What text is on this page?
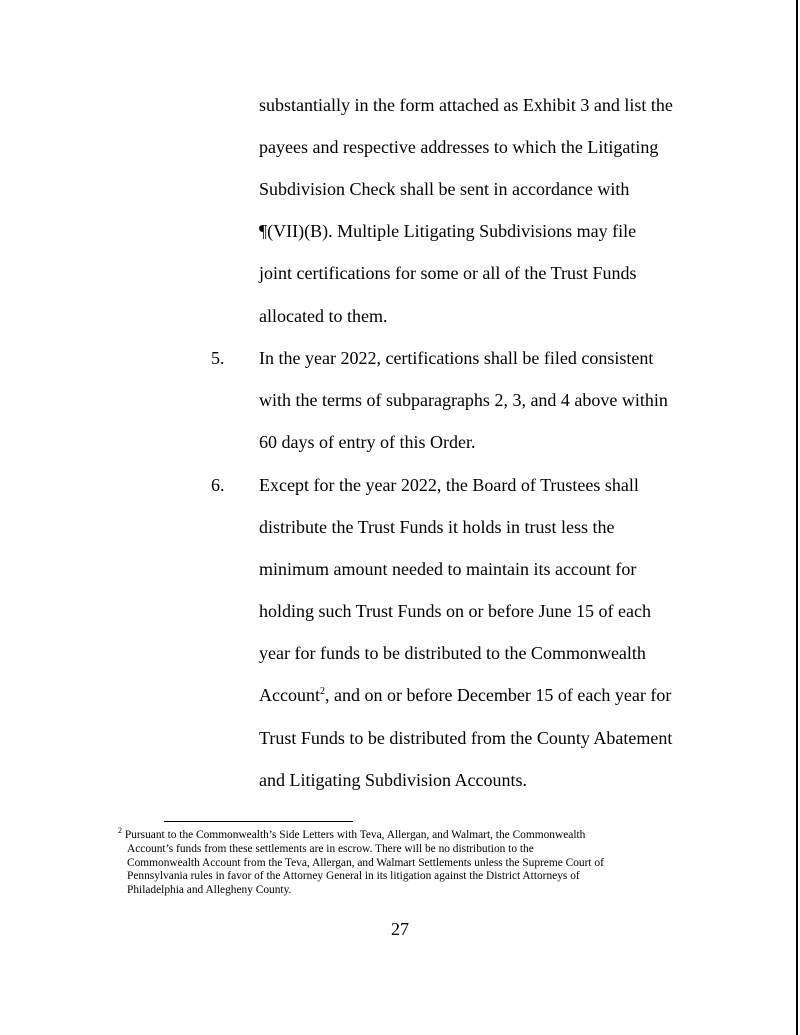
substantially in the form attached as Exhibit 3 and list the
payees and respective addresses to which the Litigating
Subdivision Check shall be sent in accordance with
¶(VII)(B). Multiple Litigating Subdivisions may file
joint certifications for some or all of the Trust Funds
allocated to them.
5. In the year 2022, certifications shall be filed consistent
with the terms of subparagraphs 2, 3, and 4 above within
60 days of entry of this Order.
6. Except for the year 2022, the Board of Trustees shall
distribute the Trust Funds it holds in trust less the
minimum amount needed to maintain its account for
holding such Trust Funds on or before June 15 of each
year for funds to be distributed to the Commonwealth
Account$^2$, and on or before December 15 of each year for
Trust Funds to be distributed from the County Abatement
and Litigating Subdivision Accounts.
$^2$ Pursuant to the Commonwealth’s Side Letters with Teva, Allergan, and Walmart, the Commonwealth
Account’s funds from these settlements are in escrow. There will be no distribution to the
Commonwealth Account from the Teva, Allergan, and Walmart Settlements unless the Supreme Court of
Pennsylvania rules in favor of the Attorney General in its litigation against the District Attorneys of
Philadelphia and Allegheny County.
27
